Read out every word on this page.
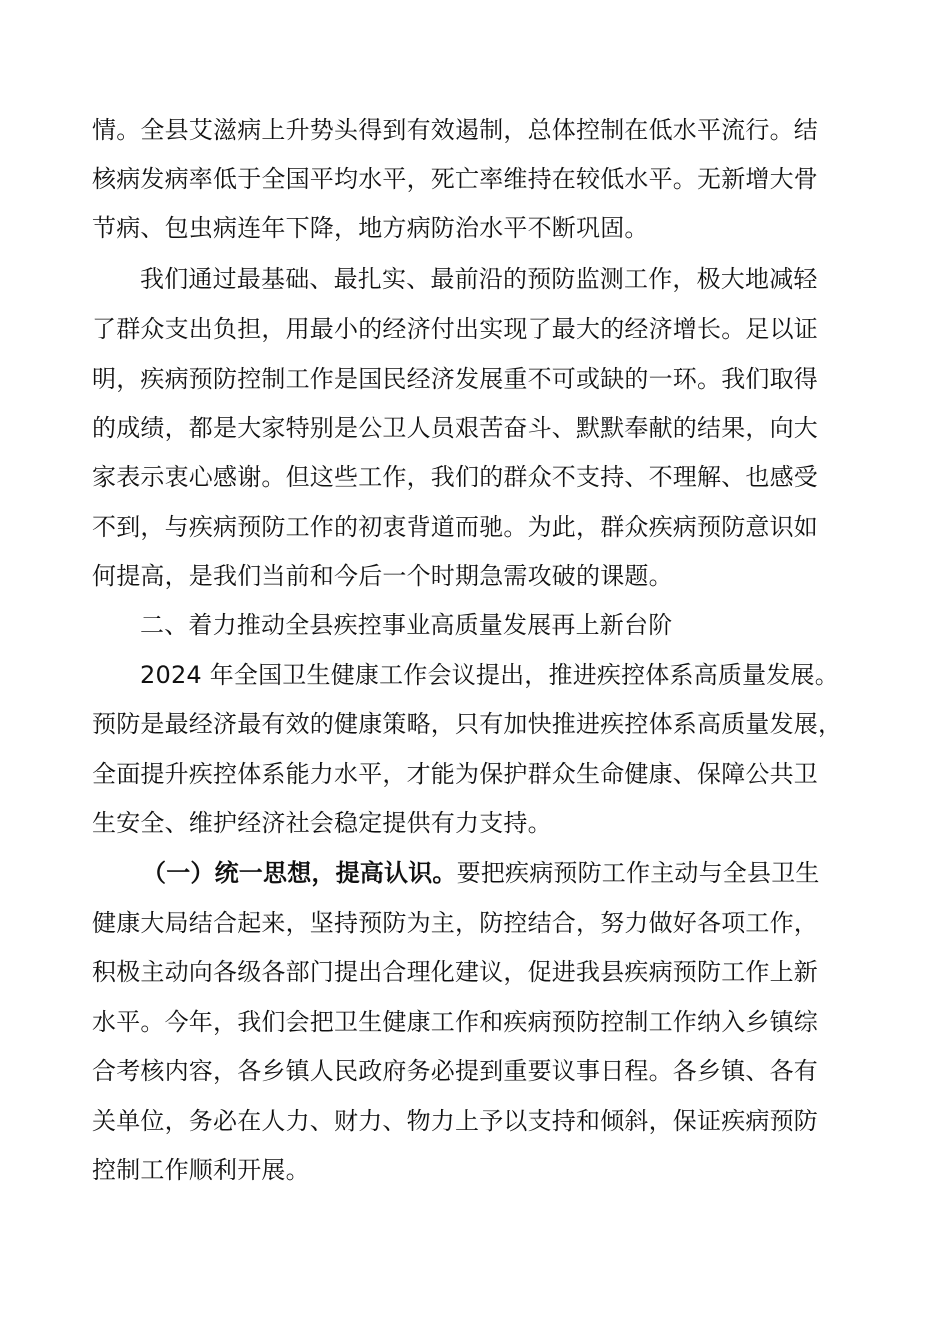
情。全县艾滋病上升势头得到有效遏制，总体控制在低水平流行。结
核病发病率低于全国平均水平，死亡率维持在较低水平。无新增大骨
节病、包虫病连年下降，地方病防治水平不断巩固。
我们通过最基础、最扎实、最前沿的预防监测工作，极大地减轻
了群众支出负担，用最小的经济付出实现了最大的经济增长。足以证
明，疾病预防控制工作是国民经济发展重不可或缺的一环。我们取得
的成绩，都是大家特别是公卫人员艰苦奋斗、默默奉献的结果，向大
家表示衷心感谢。但这些工作，我们的群众不支持、不理解、也感受
不到，与疾病预防工作的初衷背道而驰。为此，群众疾病预防意识如
何提高，是我们当前和今后一个时期急需攻破的课题。
二、着力推动全县疾控事业高质量发展再上新台阶
2024 年全国卫生健康工作会议提出，推进疾控体系高质量发展。
预防是最经济最有效的健康策略，只有加快推进疾控体系高质量发展，
全面提升疾控体系能力水平，才能为保护群众生命健康、保障公共卫
生安全、维护经济社会稳定提供有力支持。
（一）统一思想，提高认识。要把疾病预防工作主动与全县卫生
健康大局结合起来，坚持预防为主，防控结合，努力做好各项工作，
积极主动向各级各部门提出合理化建议，促进我县疾病预防工作上新
水平。今年，我们会把卫生健康工作和疾病预防控制工作纳入乡镇综
合考核内容，各乡镇人民政府务必提到重要议事日程。各乡镇、各有
关单位，务必在人力、财力、物力上予以支持和倾斜，保证疾病预防
控制工作顺利开展。
